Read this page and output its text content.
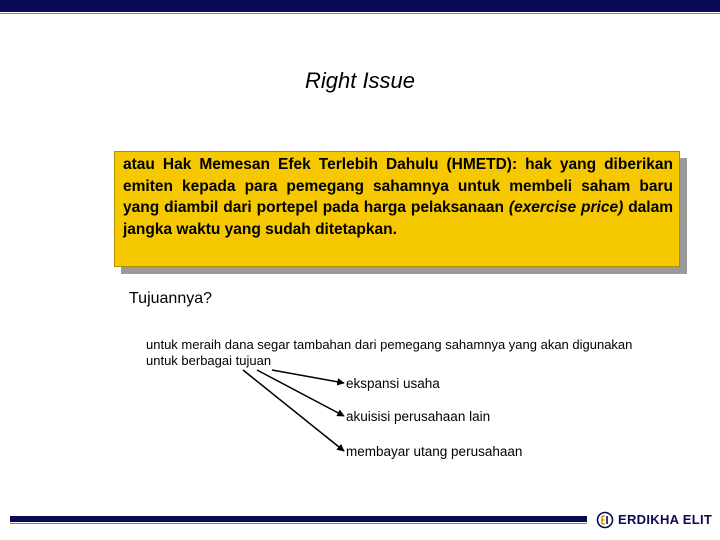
Right Issue
atau Hak Memesan Efek Terlebih Dahulu (HMETD): hak yang diberikan emiten kepada para pemegang sahamnya untuk membeli saham baru yang diambil dari portepel pada harga pelaksanaan (exercise price) dalam jangka waktu yang sudah ditetapkan.
Tujuannya?
untuk meraih dana segar tambahan dari pemegang sahamnya yang akan digunakan untuk berbagai tujuan
ekspansi usaha
akuisisi perusahaan lain
membayar utang perusahaan
ERDIKHA ELIT
